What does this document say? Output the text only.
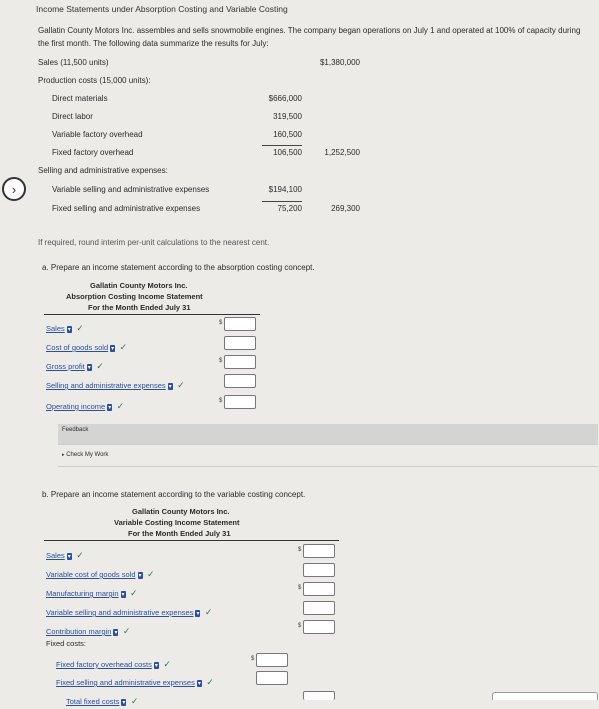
Income Statements under Absorption Costing and Variable Costing
Gallatin County Motors Inc. assembles and sells snowmobile engines. The company began operations on July 1 and operated at 100% of capacity during the first month. The following data summarize the results for July:
Sales (11,500 units)	$1,380,000
Production costs (15,000 units):
Direct materials	$666,000
Direct labor	319,500
Variable factory overhead	160,500
Fixed factory overhead	106,500	1,252,500
Selling and administrative expenses:
›	Variable selling and administrative expenses	$194,100
Fixed selling and administrative expenses	75,200	269,300
If required, round interim per-unit calculations to the nearest cent.
a. Prepare an income statement according to the absorption costing concept.
Gallatin County Motors Inc.
Absorption Costing Income Statement
For the Month Ended July 31
Sales ▾ ✓	$
Cost of goods sold ▾ ✓
Gross profit ▾ ✓	$
Selling and administrative expenses ▾ ✓
Operating income ▾ ✓	$
Feedback
▸ Check My Work
b. Prepare an income statement according to the variable costing concept.
Gallatin County Motors Inc.
Variable Costing Income Statement
For the Month Ended July 31
Sales ▾ ✓	$
Variable cost of goods sold ▾ ✓
Manufacturing margin ▾ ✓	$
Variable selling and administrative expenses ▾ ✓
Contribution margin ▾ ✓	$
Fixed costs:
Fixed factory overhead costs ▾ ✓	$
Fixed selling and administrative expenses ▾ ✓
Total fixed costs ▾ ✓
